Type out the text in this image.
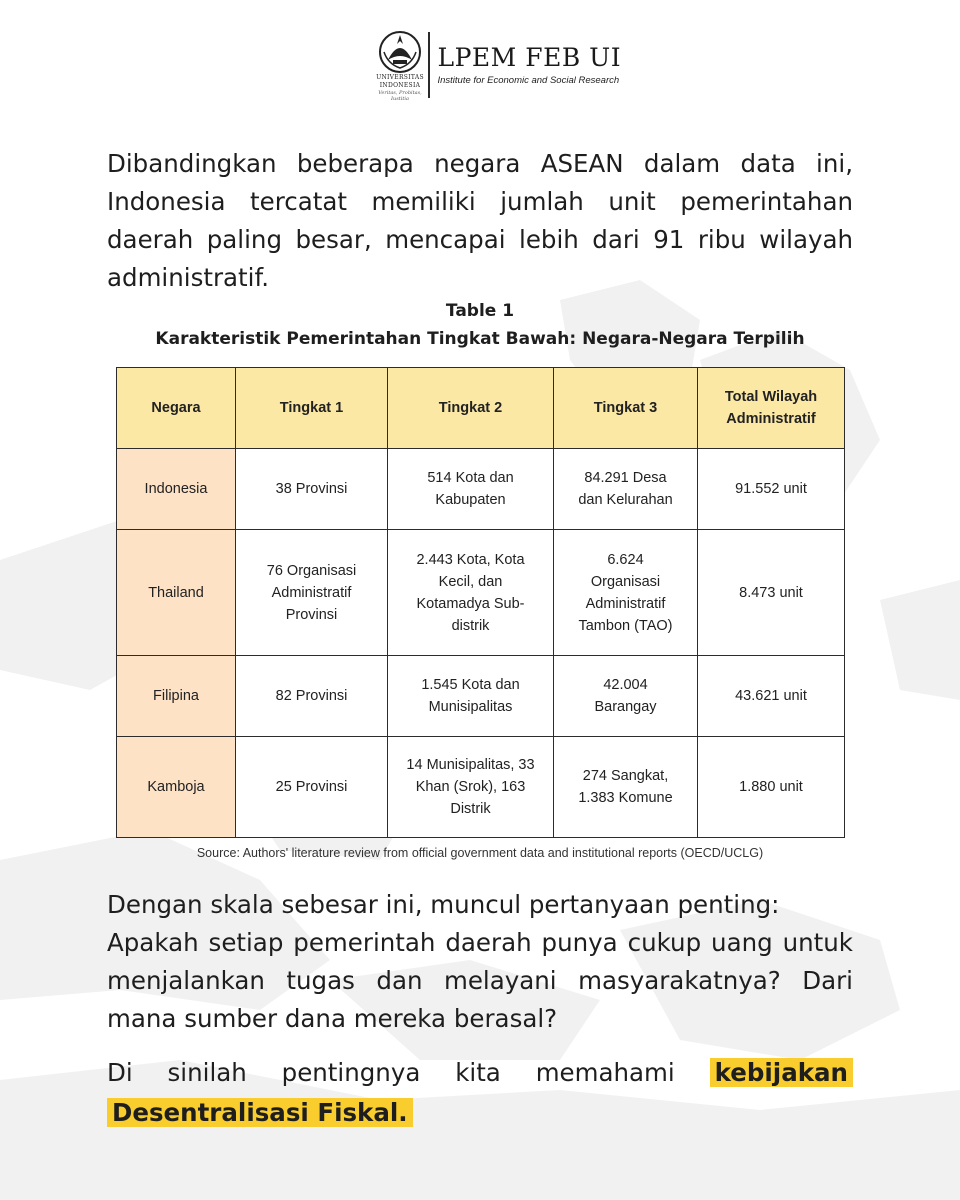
UNIVERSITAS
INDONESIA
Veritas, Probitas, Iustitia
LPEM FEB UI
Institute for Economic and Social Research
Dibandingkan beberapa negara ASEAN dalam data ini, Indonesia tercatat memiliki jumlah unit pemerintahan daerah paling besar, mencapai lebih dari 91 ribu wilayah administratif.
Table 1
Karakteristik Pemerintahan Tingkat Bawah: Negara-Negara Terpilih
Negara	Tingkat 1	Tingkat 2	Tingkat 3	Total Wilayah Administratif
Indonesia	38 Provinsi	514 Kota dan Kabupaten	84.291 Desa dan Kelurahan	91.552 unit
Thailand	76 Organisasi Administratif Provinsi	2.443 Kota, Kota Kecil, dan Kotamadya Sub-distrik	6.624 Organisasi Administratif Tambon (TAO)	8.473 unit
Filipina	82 Provinsi	1.545 Kota dan Munisipalitas	42.004 Barangay	43.621 unit
Kamboja	25 Provinsi	14 Munisipalitas, 33 Khan (Srok), 163 Distrik	274 Sangkat, 1.383 Komune	1.880 unit
Source: Authors' literature review from official government data and institutional reports (OECD/UCLG)
Dengan skala sebesar ini, muncul pertanyaan penting:
Apakah setiap pemerintah daerah punya cukup uang untuk menjalankan tugas dan melayani masyarakatnya? Dari mana sumber dana mereka berasal?
Di sinilah pentingnya kita memahami kebijakan Desentralisasi Fiskal.
